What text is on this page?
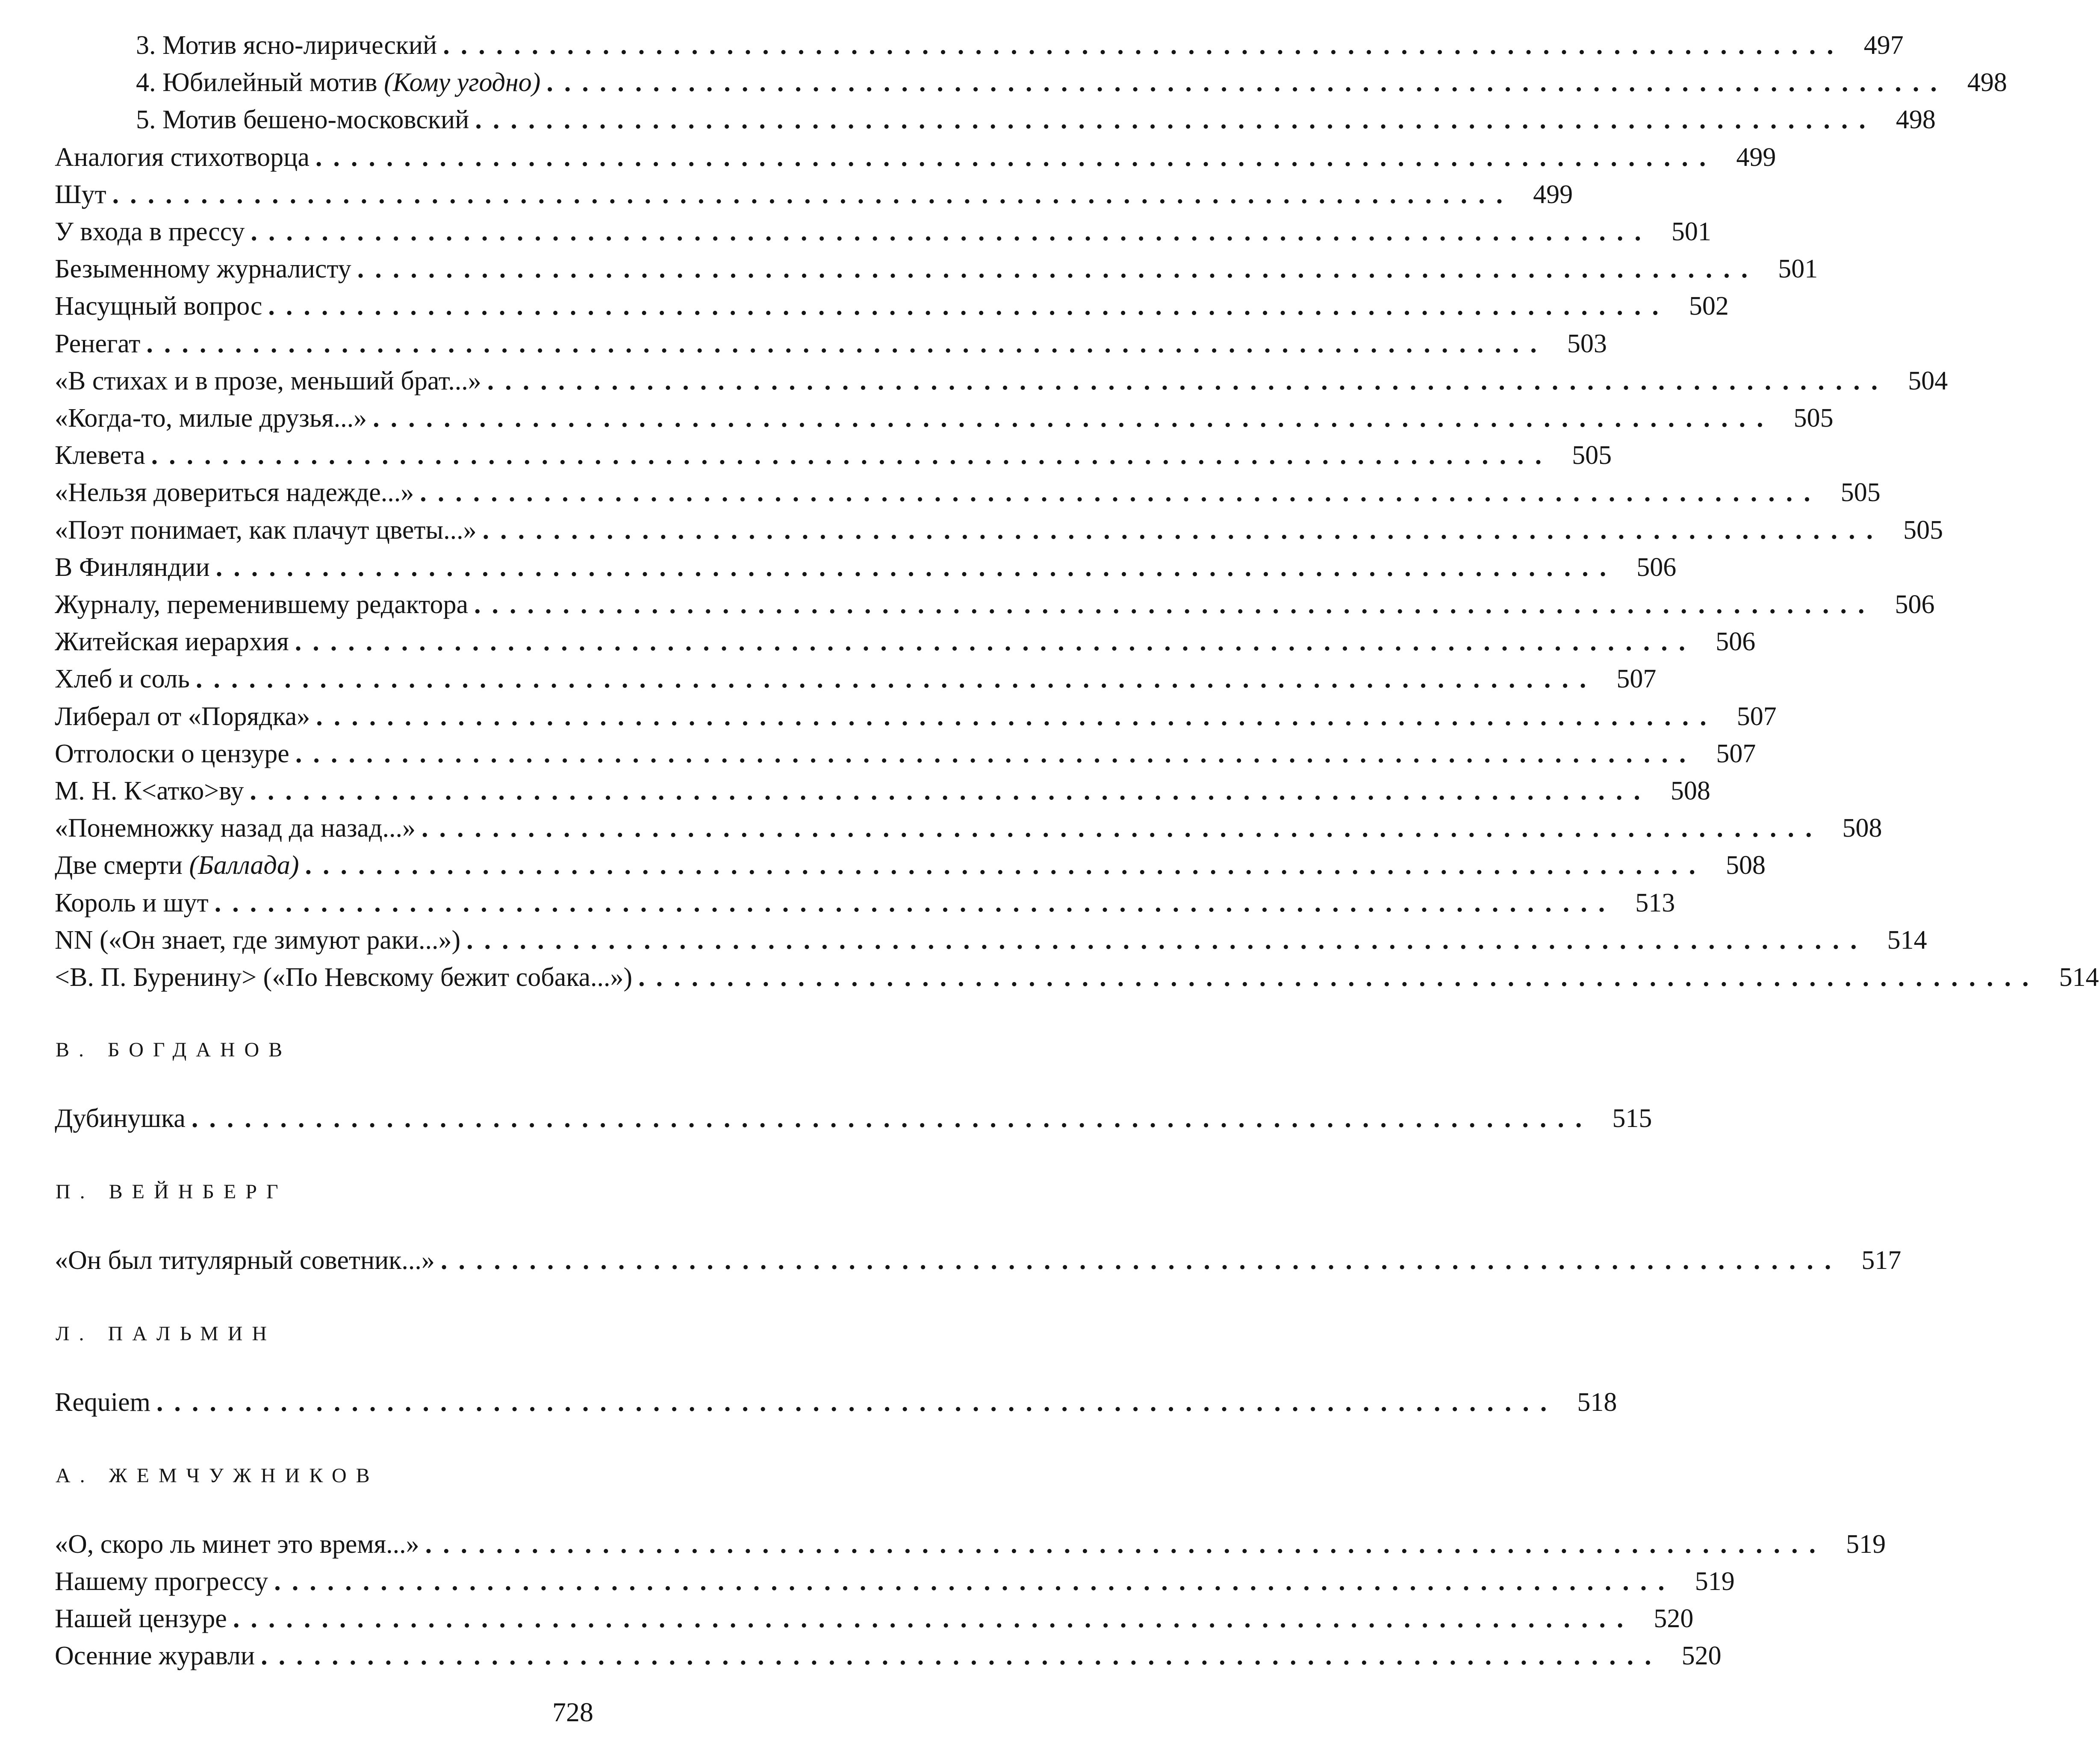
728
3. Мотив ясно-лирический ............................................................................... 497
4. Юбилейный мотив (Кому угодно) ............................................................................... 498
5. Мотив бешено-московский ............................................................................... 498
Аналогия стихотворца ............................................................................... 499
Шут ............................................................................... 499
У входа в прессу ............................................................................... 501
Безыменному журналисту ............................................................................... 501
Насущный вопрос ............................................................................... 502
Ренегат ............................................................................... 503
«В стихах и в прозе, меньший брат...» ............................................................................... 504
«Когда-то, милые друзья...» ............................................................................... 505
Клевета ............................................................................... 505
«Нельзя довериться надежде...» ............................................................................... 505
«Поэт понимает, как плачут цветы...» ............................................................................... 505
В Финляндии ............................................................................... 506
Журналу, переменившему редактора ............................................................................... 506
Житейская иерархия ............................................................................... 506
Хлеб и соль ............................................................................... 507
Либерал от «Порядка» ............................................................................... 507
Отголоски о цензуре ............................................................................... 507
М. Н. К<атко>ву ............................................................................... 508
«Понемножку назад да назад...» ............................................................................... 508
Две смерти (Баллада) ............................................................................... 508
Король и шут ............................................................................... 513
NN («Он знает, где зимуют раки...») ............................................................................... 514
<В. П. Буренину> («По Невскому бежит собака...») ............................................................................... 514
В. БОГДАНОВ
Дубинушка ............................................................................... 515
П. ВЕЙНБЕРГ
«Он был титулярный советник...» ............................................................................... 517
Л. ПАЛЬМИН
Requiem ............................................................................... 518
А. ЖЕМЧУЖНИКОВ
«О, скоро ль минет это время...» ............................................................................... 519
Нашему прогрессу ............................................................................... 519
Нашей цензуре ............................................................................... 520
Осенние журавли ............................................................................... 520
